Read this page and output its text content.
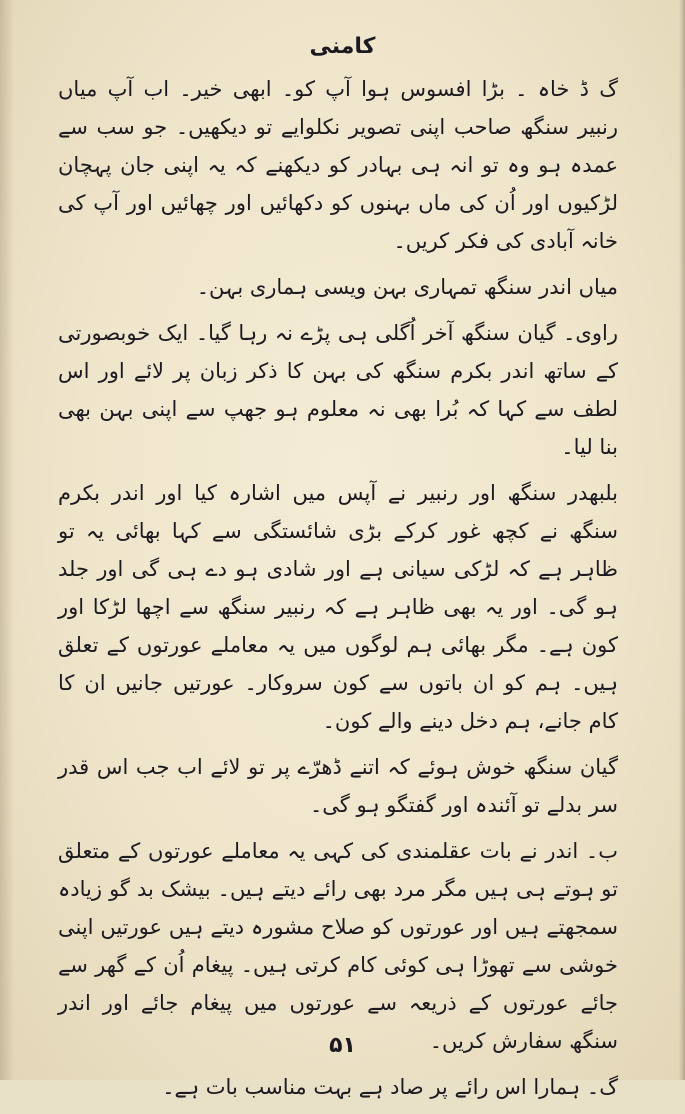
کامنی

گ ڈ خاہ ۔ بڑا افسوس ہوا آپ کو۔ ابھی خیر۔ اب آپ میاں رنبیر سنگھ صاحب اپنی تصویر نکلوایے تو دیکھیں۔ جو سب سے عمدہ ہو وہ تو انہ ہی بہادر کو دیکھنے کہ یہ اپنی جان پہچان لڑکیوں اور اُن کی ماں بہنوں کو دکھائیں اور چھائیں اور آپ کی خانہ آبادی کی فکر کریں۔

میاں اندر سنگھ تمہاری بہن ویسی ہماری بہن۔

راوی۔ گیان سنگھ آخر اُگلی ہی پڑے نہ رہا گیا۔ ایک خوبصورتی کے ساتھ اندر بکرم سنگھ کی بہن کا ذکر زبان پر لائے اور اس لطف سے کہا کہ بُرا بھی نہ معلوم ہو جھپ سے اپنی بہن بھی بنا لیا۔

بلبھدر سنگھ اور رنبیر نے آپس میں اشارہ کیا اور اندر بکرم سنگھ نے کچھ غور کرکے بڑی شائستگی سے کہا بھائی یہ تو ظاہر ہے کہ لڑکی سیانی ہے اور شادی ہو دے ہی گی اور جلد ہو گی۔ اور یہ بھی ظاہر ہے کہ رنبیر سنگھ سے اچھا لڑکا اور کون ہے۔ مگر بھائی ہم لوگوں میں یہ معاملے عورتوں کے تعلق ہیں۔ ہم کو ان باتوں سے کون سروکار۔ عورتیں جانیں ان کا کام جانے، ہم دخل دینے والے کون۔

گیان سنگھ خوش ہوئے کہ اتنے ڈھرّے پر تو لائے اب جب اس قدر سر بدلے تو آئندہ اور گفتگو ہو گی۔

ب۔ اندر نے بات عقلمندی کی کہی یہ معاملے عورتوں کے متعلق تو ہوتے ہی ہیں مگر مرد بھی رائے دیتے ہیں۔ بیشک بد گو زیادہ سمجھتے ہیں اور عورتوں کو صلاح مشورہ دیتے ہیں عورتیں اپنی خوشی سے تھوڑا ہی کوئی کام کرتی ہیں۔ پیغام اُن کے گھر سے جائے عورتوں کے ذریعہ سے عورتوں میں پیغام جائے اور اندر سنگھ سفارش کریں۔

گ۔ ہمارا اس رائے پر صاد ہے بہت مناسب بات ہے۔

۵۱
